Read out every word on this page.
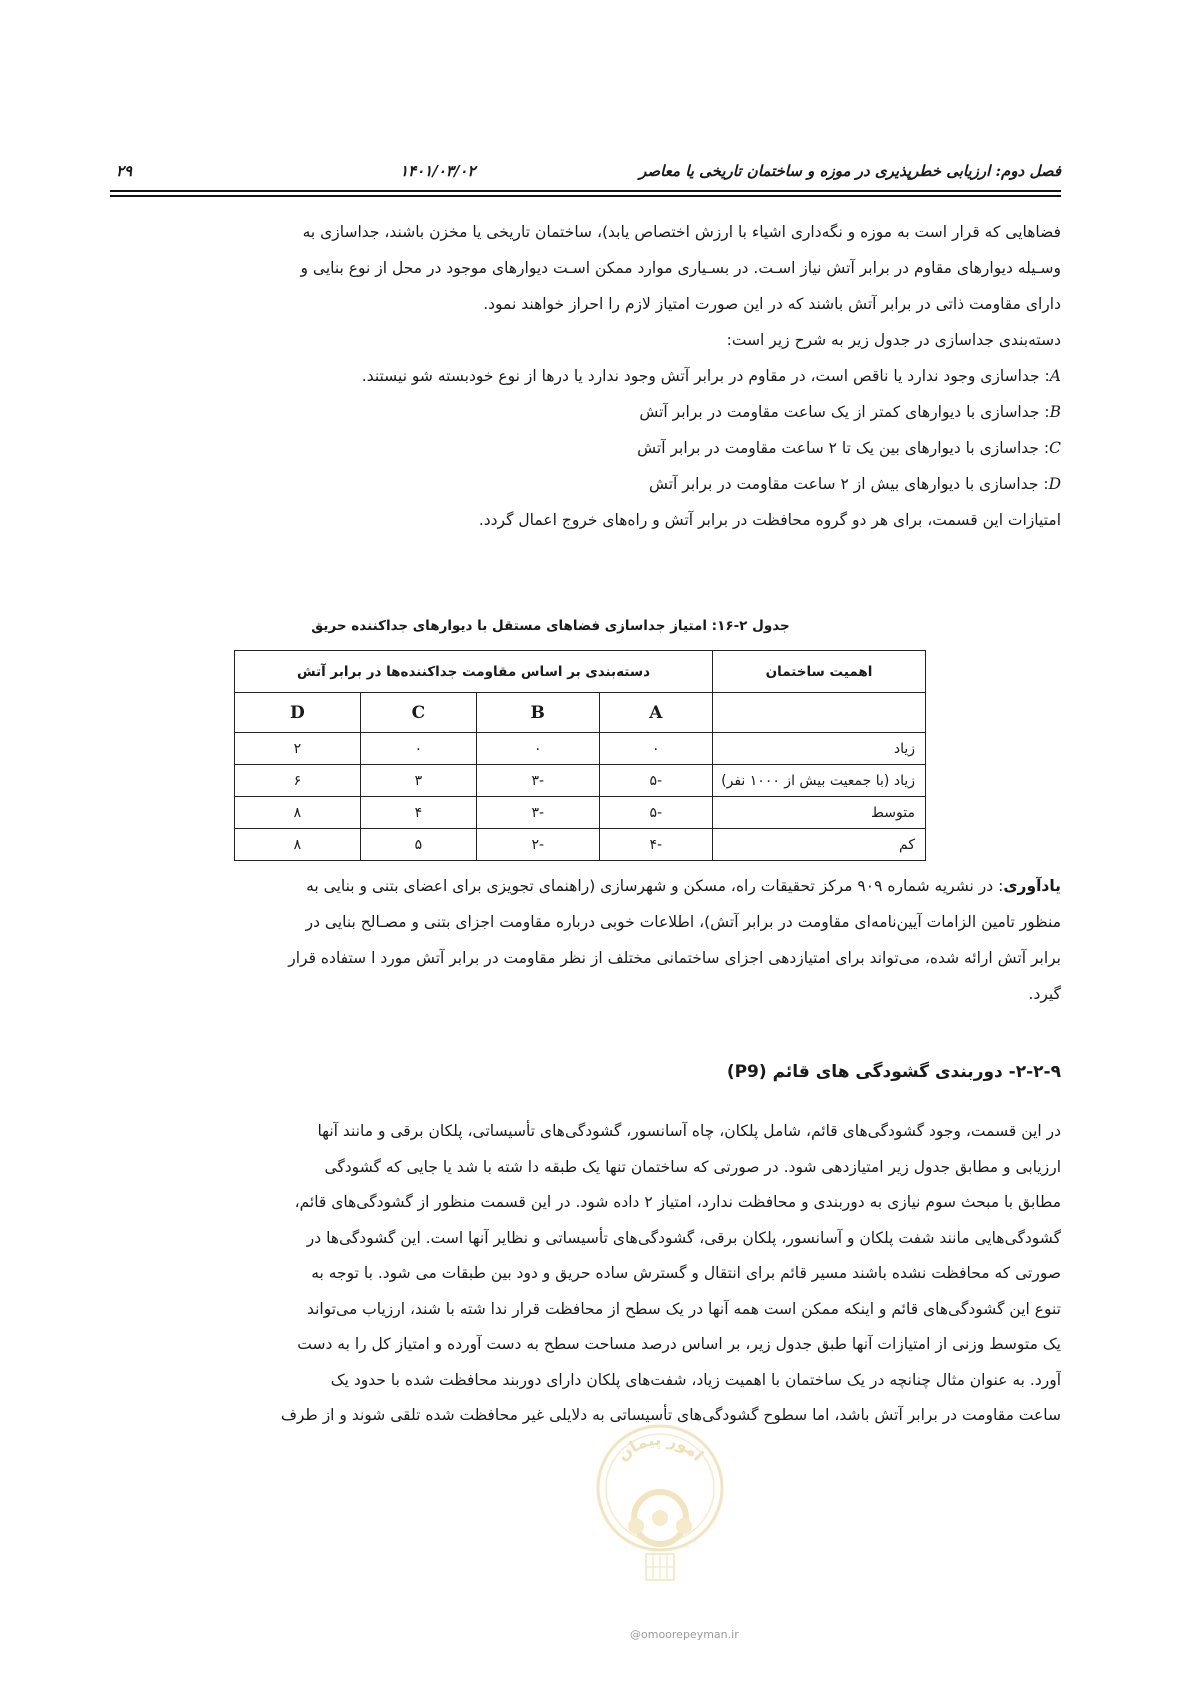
فصل دوم: ارزیابی خطرپذیری در موزه و ساختمان تاریخی یا معاصر
۱۴۰۱/۰۳/۰۲
۲۹
فضاهایی که قرار است به موزه و نگه‌داری اشیاء با ارزش اختصاص یابد)، ساختمان تاریخی یا مخزن باشند، جداسازی به
وسـیله دیوارهای مقاوم در برابر آتش نیاز اسـت. در بسـیاری موارد ممکن اسـت دیوارهای موجود در محل از نوع بنایی و
دارای مقاومت ذاتی در برابر آتش باشند که در این صورت امتیاز لازم را احراز خواهند نمود.
دسته‌بندی جداسازی در جدول زیر به شرح زیر است:
A: جداسازی وجود ندارد یا ناقص است، در مقاوم در برابر آتش وجود ندارد یا درها از نوع خودبسته شو نیستند.
B: جداسازی با دیوارهای کمتر از یک ساعت مقاومت در برابر آتش
C: جداسازی با دیوارهای بین یک تا ۲ ساعت مقاومت در برابر آتش
D: جداسازی با دیوارهای بیش از ۲ ساعت مقاومت در برابر آتش
امتیازات این قسمت، برای هر دو گروه محافظت در برابر آتش و راه‌های خروج اعمال گردد.
جدول ۲-۱۶: امتیاز جداسازی فضاهای مستقل با دیوارهای جداکننده حریق
اهمیت ساختمان	دسته‌بندی بر اساس مقاومت جداکننده‌ها در برابر آتش			
	A	B	C	D
زیاد	۰	۰	۰	۲
زیاد (با جمعیت بیش از ۱۰۰۰ نفر)	-۵	-۳	۳	۶
متوسط	-۵	-۳	۴	۸
کم	-۴	-۲	۵	۸
یادآوری: در نشریه شماره ۹۰۹ مرکز تحقیقات راه، مسکن و شهرسازی (راهنمای تجویزی برای اعضای بتنی و بنایی به
منظور تامین الزامات آیین‌نامه‌ای مقاومت در برابر آتش)، اطلاعات خوبی درباره مقاومت اجزای بتنی و مصـالح بنایی در
برابر آتش ارائه شده، می‌تواند برای امتیازدهی اجزای ساختمانی مختلف از نظر مقاومت در برابر آتش مورد ا ستفاده قرار
گیرد.
۲-۲-۹- دوربندی گشودگی های قائم (P9)
در این قسمت، وجود گشودگی‌های قائم، شامل پلکان، چاه آسانسور، گشودگی‌های تأسیساتی، پلکان برقی و مانند آنها
ارزیابی و مطابق جدول زیر امتیازدهی شود. در صورتی که ساختمان تنها یک طبقه دا شته با شد یا جایی که گشودگی
مطابق با مبحث سوم نیازی به دوربندی و محافظت ندارد، امتیاز ۲ داده شود. در این قسمت منظور از گشودگی‌های قائم،
گشودگی‌هایی مانند شفت پلکان و آسانسور، پلکان برقی، گشودگی‌های تأسیساتی و نظایر آنها است. این گشودگی‌ها در
صورتی که محافظت نشده باشند مسیر قائم برای انتقال و گسترش ساده حریق و دود بین طبقات می شود. با توجه به
تنوع این گشودگی‌های قائم و اینکه ممکن است همه آنها در یک سطح از محافظت قرار ندا شته با شند، ارزیاب می‌تواند
یک متوسط وزنی از امتیازات آنها طبق جدول زیر، بر اساس درصد مساحت سطح به دست آورده و امتیاز کل را به دست
آورد. به عنوان مثال چنانچه در یک ساختمان با اهمیت زیاد، شفت‌های پلکان دارای دوربند محافظت شده با حدود یک
ساعت مقاومت در برابر آتش باشد، اما سطوح گشودگی‌های تأسیساتی به دلایلی غیر محافظت شده تلقی شوند و از طرف
امور پیمان
@omoorepeyman.ir
